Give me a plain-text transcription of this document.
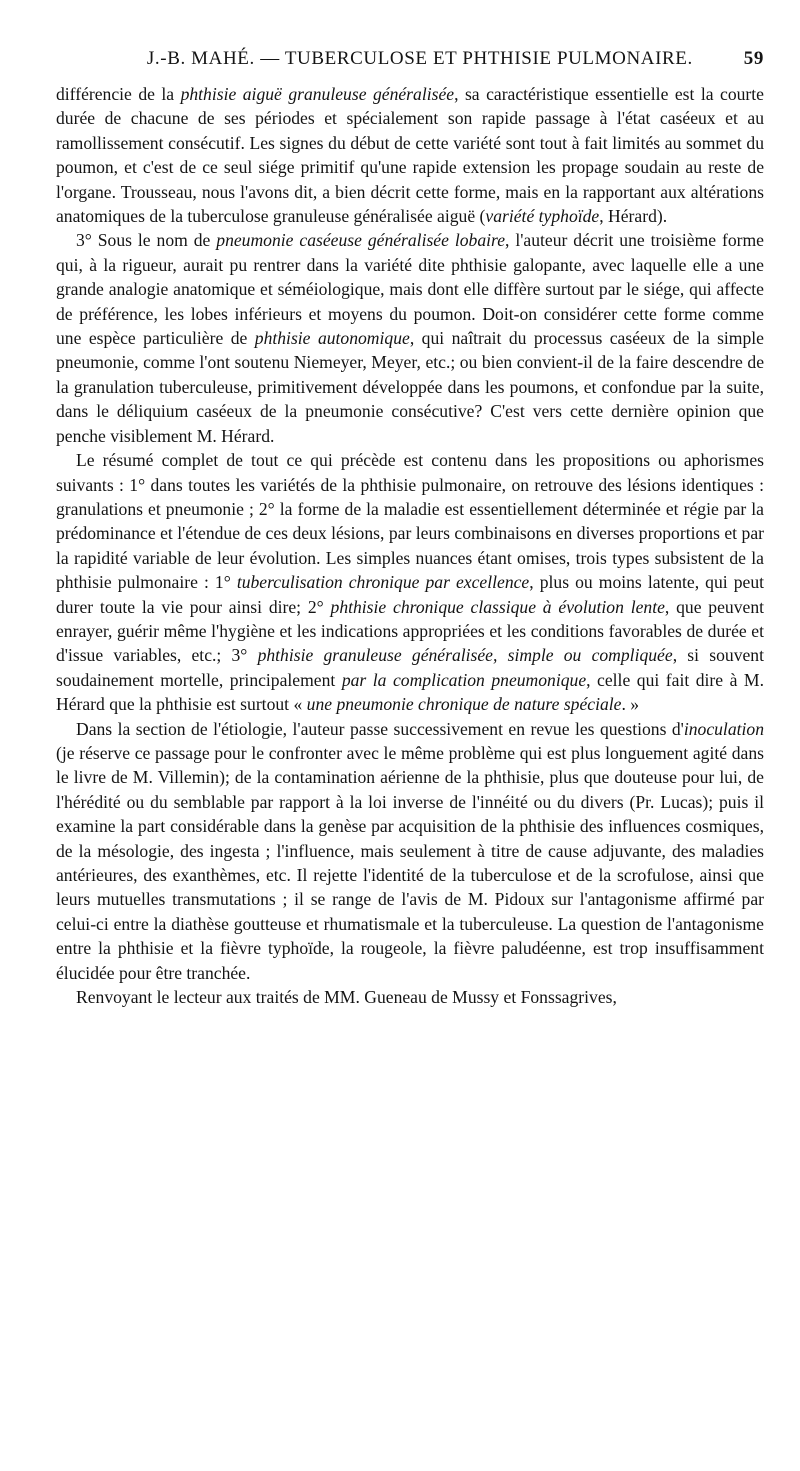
J.-B. MAHÉ. — TUBERCULOSE ET PHTHISIE PULMONAIRE.	59

différencie de la phthisie aiguë granuleuse généralisée, sa caractéristique essentielle est la courte durée de chacune de ses périodes et spécialement son rapide passage à l'état caséeux et au ramollissement consécutif. Les signes du début de cette variété sont tout à fait limités au sommet du poumon, et c'est de ce seul siége primitif qu'une rapide extension les propage soudain au reste de l'organe. Trousseau, nous l'avons dit, a bien décrit cette forme, mais en la rapportant aux altérations anatomiques de la tuberculose granuleuse généralisée aiguë (variété typhoïde, Hérard).

3° Sous le nom de pneumonie caséeuse généralisée lobaire, l'auteur décrit une troisième forme qui, à la rigueur, aurait pu rentrer dans la variété dite phthisie galopante, avec laquelle elle a une grande analogie anatomique et séméiologique, mais dont elle diffère surtout par le siége, qui affecte de préférence, les lobes inférieurs et moyens du poumon. Doit-on considérer cette forme comme une espèce particulière de phthisie autonomique, qui naîtrait du processus caséeux de la simple pneumonie, comme l'ont soutenu Niemeyer, Meyer, etc.; ou bien convient-il de la faire descendre de la granulation tuberculeuse, primitivement développée dans les poumons, et confondue par la suite, dans le déliquium caséeux de la pneumonie consécutive? C'est vers cette dernière opinion que penche visiblement M. Hérard.

Le résumé complet de tout ce qui précède est contenu dans les propositions ou aphorismes suivants : 1° dans toutes les variétés de la phthisie pulmonaire, on retrouve des lésions identiques : granulations et pneumonie ; 2° la forme de la maladie est essentiellement déterminée et régie par la prédominance et l'étendue de ces deux lésions, par leurs combinaisons en diverses proportions et par la rapidité variable de leur évolution. Les simples nuances étant omises, trois types subsistent de la phthisie pulmonaire : 1° tuberculisation chronique par excellence, plus ou moins latente, qui peut durer toute la vie pour ainsi dire; 2° phthisie chronique classique à évolution lente, que peuvent enrayer, guérir même l'hygiène et les indications appropriées et les conditions favorables de durée et d'issue variables, etc.; 3° phthisie granuleuse généralisée, simple ou compliquée, si souvent soudainement mortelle, principalement par la complication pneumonique, celle qui fait dire à M. Hérard que la phthisie est surtout « une pneumonie chronique de nature spéciale. »

Dans la section de l'étiologie, l'auteur passe successivement en revue les questions d'inoculation (je réserve ce passage pour le confronter avec le même problème qui est plus longuement agité dans le livre de M. Villemin); de la contamination aérienne de la phthisie, plus que douteuse pour lui, de l'hérédité ou du semblable par rapport à la loi inverse de l'innéité ou du divers (Pr. Lucas); puis il examine la part considérable dans la genèse par acquisition de la phthisie des influences cosmiques, de la mésologie, des ingesta ; l'influence, mais seulement à titre de cause adjuvante, des maladies antérieures, des exanthèmes, etc. Il rejette l'identité de la tuberculose et de la scrofulose, ainsi que leurs mutuelles transmutations ; il se range de l'avis de M. Pidoux sur l'antagonisme affirmé par celui-ci entre la diathèse goutteuse et rhumatismale et la tuberculeuse. La question de l'antagonisme entre la phthisie et la fièvre typhoïde, la rougeole, la fièvre paludéenne, est trop insuffisamment élucidée pour être tranchée.

Renvoyant le lecteur aux traités de MM. Gueneau de Mussy et Fonssagrives,
